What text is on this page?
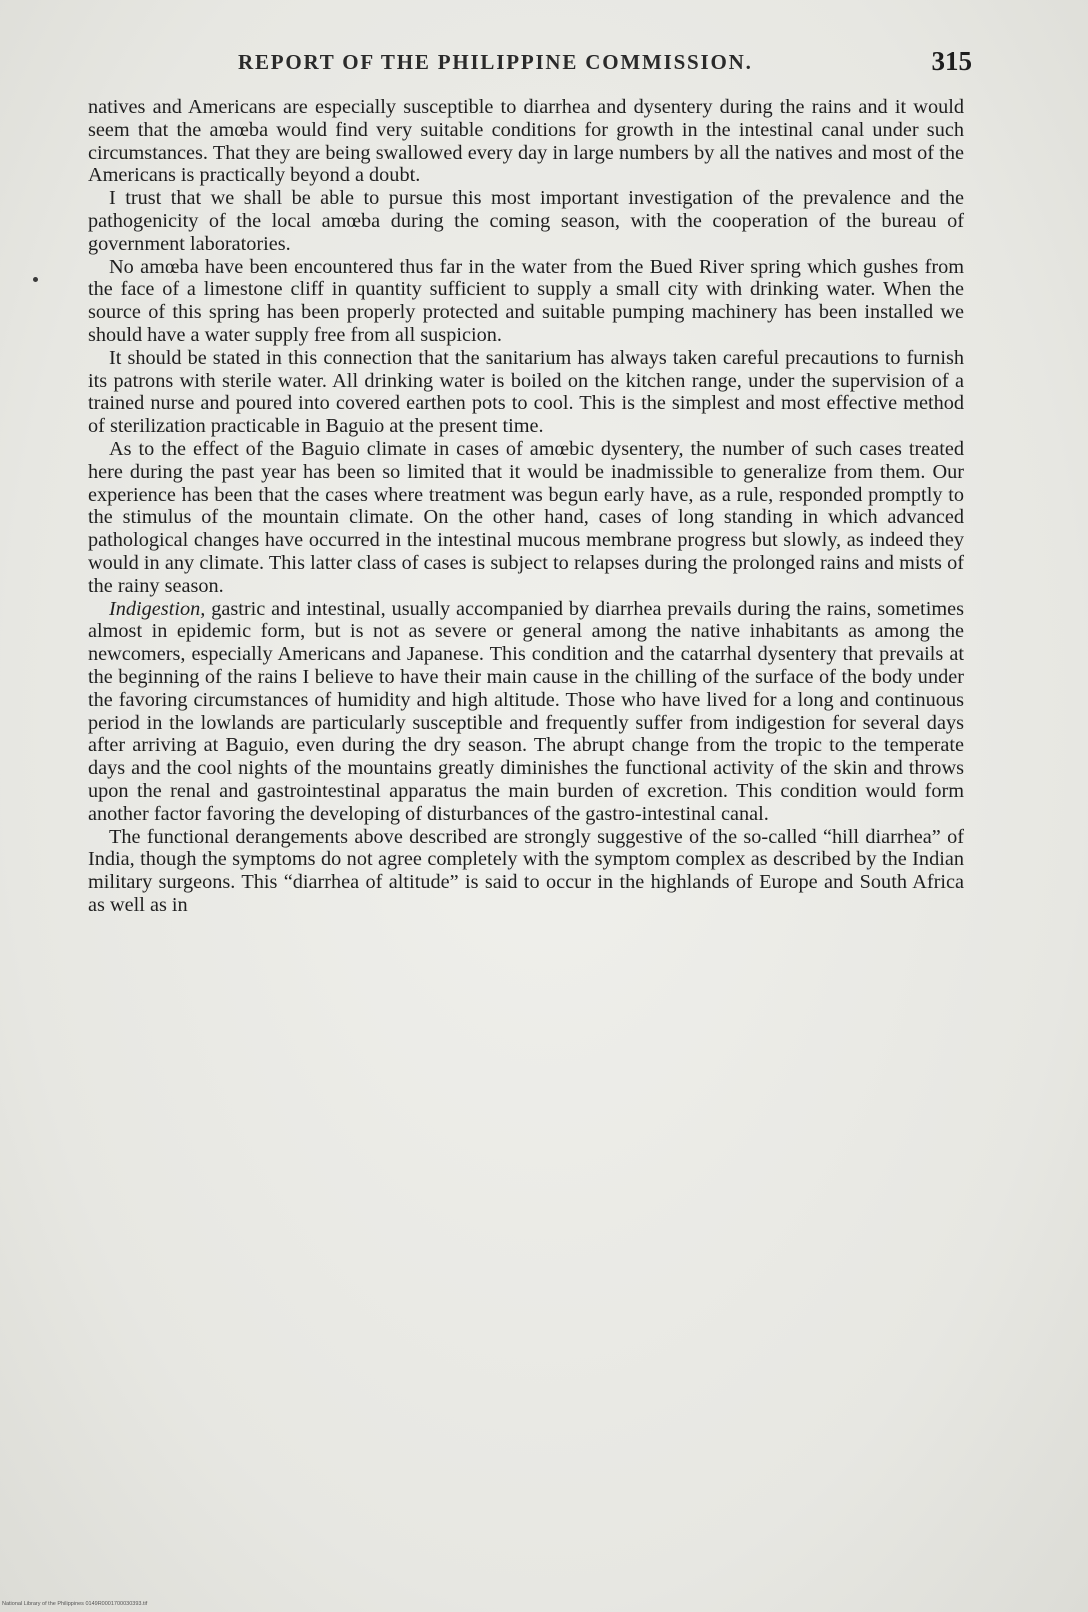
REPORT OF THE PHILIPPINE COMMISSION.	315

natives and Americans are especially susceptible to diarrhea and dysentery during the rains and it would seem that the amœba would find very suitable conditions for growth in the intestinal canal under such circumstances. That they are being swallowed every day in large numbers by all the natives and most of the Americans is practically beyond a doubt.

I trust that we shall be able to pursue this most important investigation of the prevalence and the pathogenicity of the local amœba during the coming season, with the cooperation of the bureau of government laboratories.

No amœba have been encountered thus far in the water from the Bued River spring which gushes from the face of a limestone cliff in quantity sufficient to supply a small city with drinking water. When the source of this spring has been properly protected and suitable pumping machinery has been installed we should have a water supply free from all suspicion.

It should be stated in this connection that the sanitarium has always taken careful precautions to furnish its patrons with sterile water. All drinking water is boiled on the kitchen range, under the supervision of a trained nurse and poured into covered earthen pots to cool. This is the simplest and most effective method of sterilization practicable in Baguio at the present time.

As to the effect of the Baguio climate in cases of amœbic dysentery, the number of such cases treated here during the past year has been so limited that it would be inadmissible to generalize from them. Our experience has been that the cases where treatment was begun early have, as a rule, responded promptly to the stimulus of the mountain climate. On the other hand, cases of long standing in which advanced pathological changes have occurred in the intestinal mucous membrane progress but slowly, as indeed they would in any climate. This latter class of cases is subject to relapses during the prolonged rains and mists of the rainy season.

Indigestion, gastric and intestinal, usually accompanied by diarrhea prevails during the rains, sometimes almost in epidemic form, but is not as severe or general among the native inhabitants as among the newcomers, especially Americans and Japanese. This condition and the catarrhal dysentery that prevails at the beginning of the rains I believe to have their main cause in the chilling of the surface of the body under the favoring circumstances of humidity and high altitude. Those who have lived for a long and continuous period in the lowlands are particularly susceptible and frequently suffer from indigestion for several days after arriving at Baguio, even during the dry season. The abrupt change from the tropic to the temperate days and the cool nights of the mountains greatly diminishes the functional activity of the skin and throws upon the renal and gastrointestinal apparatus the main burden of excretion. This condition would form another factor favoring the developing of disturbances of the gastro-intestinal canal.

The functional derangements above described are strongly suggestive of the so-called “hill diarrhea” of India, though the symptoms do not agree completely with the symptom complex as described by the Indian military surgeons. This “diarrhea of altitude” is said to occur in the highlands of Europe and South Africa as well as in

National Library of the Philippines 0149R0001700030393.tif
